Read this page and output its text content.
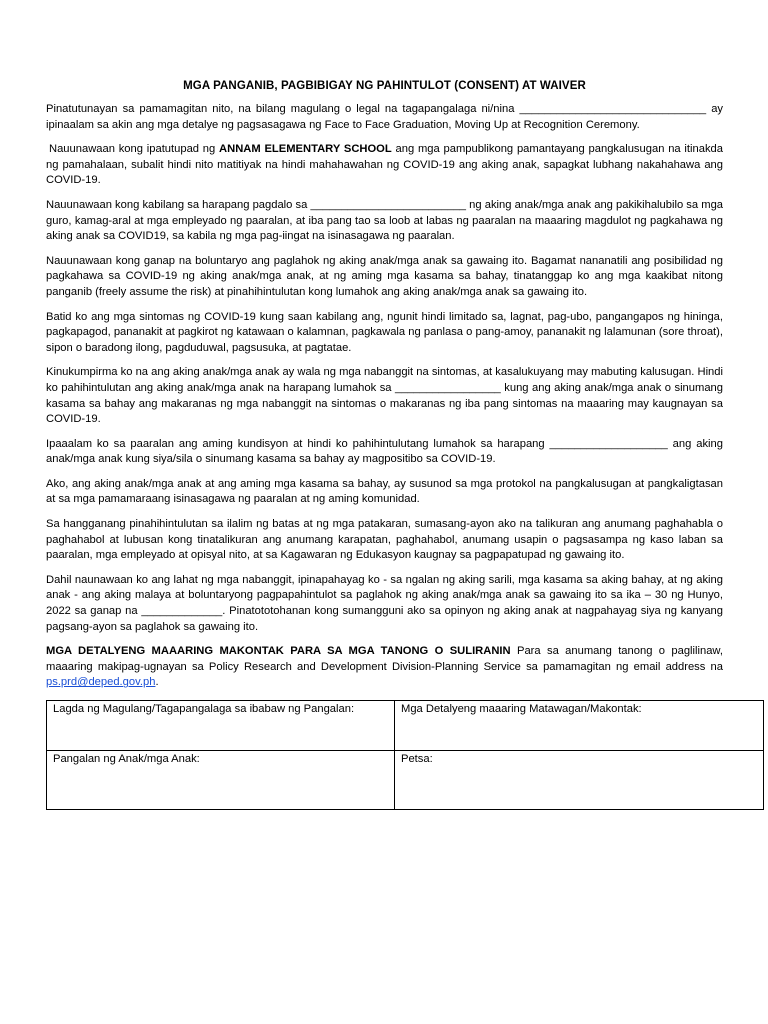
MGA PANGANIB, PAGBIBIGAY NG PAHINTULOT (CONSENT) AT WAIVER

Pinatutunayan sa pamamagitan nito, na bilang magulang o legal na tagapangalaga ni/nina ______________________________ ay ipinaalam sa akin ang mga detalye ng pagsasagawa ng Face to Face Graduation, Moving Up at Recognition Ceremony.

Nauunawaan kong ipatutupad ng ANNAM ELEMENTARY SCHOOL ang mga pampublikong pamantayang pangkalusugan na itinakda ng pamahalaan, subalit hindi nito matitiyak na hindi mahahawahan ng COVID-19 ang aking anak, sapagkat lubhang nakahahawa ang COVID-19.

Nauunawaan kong kabilang sa harapang pagdalo sa _________________________ ng aking anak/mga anak ang pakikihalubilo sa mga guro, kamag-aral at mga empleyado ng paaralan, at iba pang tao sa loob at labas ng paaralan na maaaring magdulot ng pagkahawa ng aking anak sa COVID19, sa kabila ng mga pag-iingat na isinasagawa ng paaralan.

Nauunawaan kong ganap na boluntaryo ang paglahok ng aking anak/mga anak sa gawaing ito. Bagamat nananatili ang posibilidad ng pagkahawa sa COVID-19 ng aking anak/mga anak, at ng aming mga kasama sa bahay, tinatanggap ko ang mga kaakibat nitong panganib (freely assume the risk) at pinahihintulutan kong lumahok ang aking anak/mga anak sa gawaing ito.

Batid ko ang mga sintomas ng COVID-19 kung saan kabilang ang, ngunit hindi limitado sa, lagnat, pag-ubo, pangangapos ng hininga, pagkapagod, pananakit at pagkirot ng katawaan o kalamnan, pagkawala ng panlasa o pang-amoy, pananakit ng lalamunan (sore throat), sipon o baradong ilong, pagduduwal, pagsusuka, at pagtatae.

Kinukumpirma ko na ang aking anak/mga anak ay wala ng mga nabanggit na sintomas, at kasalukuyang may mabuting kalusugan. Hindi ko pahihintulutan ang aking anak/mga anak na harapang lumahok sa _________________ kung ang aking anak/mga anak o sinumang kasama sa bahay ang makaranas ng mga nabanggit na sintomas o makaranas ng iba pang sintomas na maaaring may kaugnayan sa COVID-19.

Ipaaalam ko sa paaralan ang aming kundisyon at hindi ko pahihintulutang lumahok sa harapang ___________________ ang aking anak/mga anak kung siya/sila o sinumang kasama sa bahay ay magpositibo sa COVID-19.

Ako, ang aking anak/mga anak at ang aming mga kasama sa bahay, ay susunod sa mga protokol na pangkalusugan at pangkaligtasan at sa mga pamamaraang isinasagawa ng paaralan at ng aming komunidad.

Sa hangganang pinahihintulutan sa ilalim ng batas at ng mga patakaran, sumasang-ayon ako na talikuran ang anumang paghahabla o paghahabol at lubusan kong tinatalikuran ang anumang karapatan, paghahabol, anumang usapin o pagsasampa ng kaso laban sa paaralan, mga empleyado at opisyal nito, at sa Kagawaran ng Edukasyon kaugnay sa pagpapatupad ng gawaing ito.

Dahil naunawaan ko ang lahat ng mga nabanggit, ipinapahayag ko - sa ngalan ng aking sarili, mga kasama sa aking bahay, at ng aking anak - ang aking malaya at boluntaryong pagpapahintulot sa paglahok ng aking anak/mga anak sa gawaing ito sa ika – 30 ng Hunyo, 2022 sa ganap na _____________. Pinatototohanan kong sumangguni ako sa opinyon ng aking anak at nagpahayag siya ng kanyang pagsang-ayon sa paglahok sa gawaing ito.

MGA DETALYENG MAAARING MAKONTAK PARA SA MGA TANONG O SULIRANIN Para sa anumang tanong o paglilinaw, maaaring makipag-ugnayan sa Policy Research and Development Division-Planning Service sa pamamagitan ng email address na ps.prd@deped.gov.ph.

Lagda ng Magulang/Tagapangalaga sa ibabaw ng Pangalan:	Mga Detalyeng maaaring Matawagan/Makontak:
Pangalan ng Anak/mga Anak:	Petsa:
